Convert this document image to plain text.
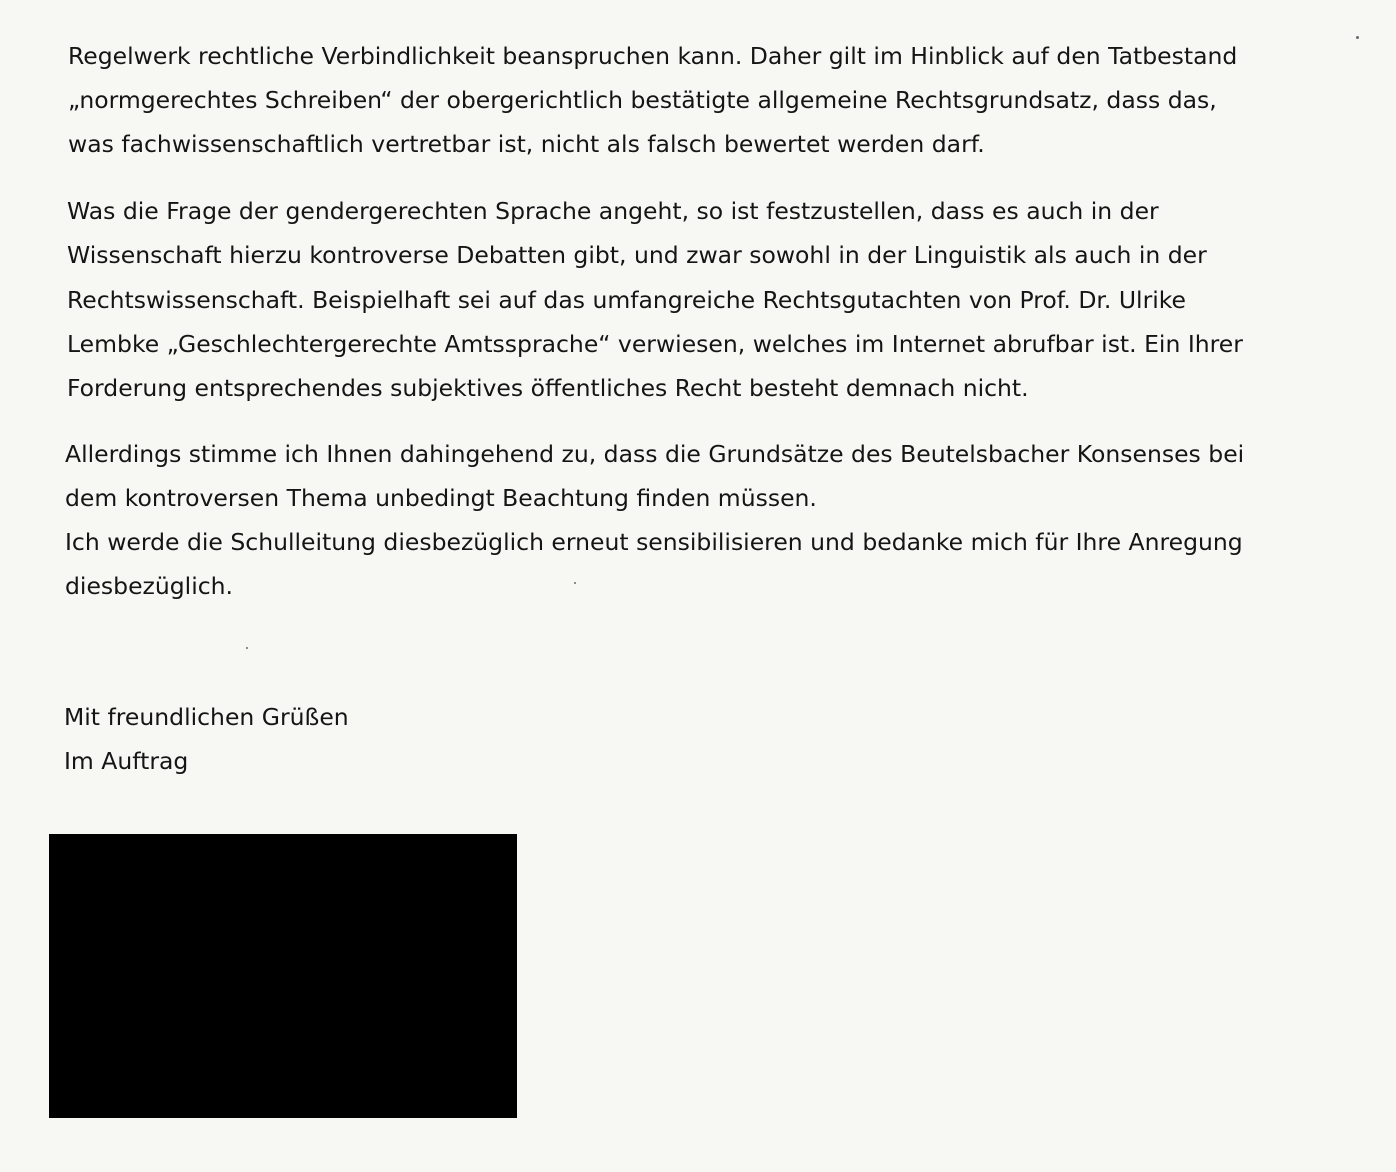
Regelwerk rechtliche Verbindlichkeit beanspruchen kann. Daher gilt im Hinblick auf den Tatbestand
„normgerechtes Schreiben“ der obergerichtlich bestätigte allgemeine Rechtsgrundsatz, dass das,
was fachwissenschaftlich vertretbar ist, nicht als falsch bewertet werden darf.
Was die Frage der gendergerechten Sprache angeht, so ist festzustellen, dass es auch in der
Wissenschaft hierzu kontroverse Debatten gibt, und zwar sowohl in der Linguistik als auch in der
Rechtswissenschaft. Beispielhaft sei auf das umfangreiche Rechtsgutachten von Prof. Dr. Ulrike
Lembke „Geschlechtergerechte Amtssprache“ verwiesen, welches im Internet abrufbar ist. Ein Ihrer
Forderung entsprechendes subjektives öffentliches Recht besteht demnach nicht.
Allerdings stimme ich Ihnen dahingehend zu, dass die Grundsätze des Beutelsbacher Konsenses bei
dem kontroversen Thema unbedingt Beachtung finden müssen.
Ich werde die Schulleitung diesbezüglich erneut sensibilisieren und bedanke mich für Ihre Anregung
diesbezüglich.
Mit freundlichen Grüßen
Im Auftrag
